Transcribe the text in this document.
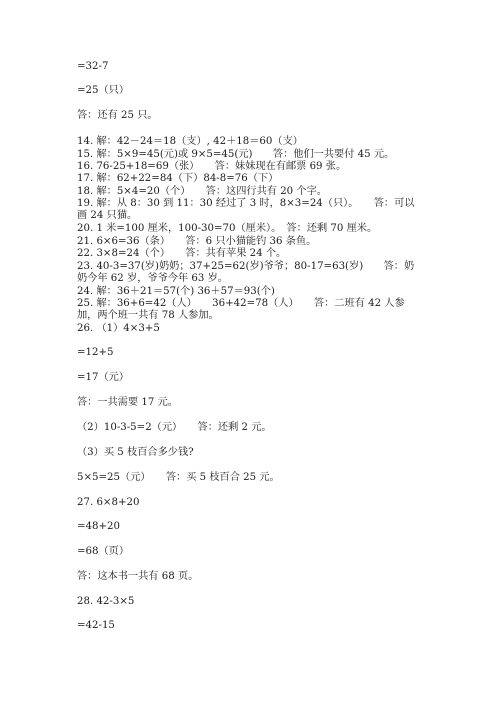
=32-7
=25（只）
答：还有 25 只。
14. 解：42－24＝18（支）, 42＋18＝60（支）
15. 解：5×9=45(元)或 9×5=45(元)　　答：他们一共要付 45 元。
16. 76-25+18=69（张）　　答：妹妹现在有邮票 69 张。
17. 解：62+22=84（下）84-8=76（下）
18. 解：5×4=20（个）　　答：这四行共有 20 个字。
19. 解：从 8：30 到 11：30 经过了 3 时，8×3=24（只）。　　答：可以画 24 只猫。
20. 1 米=100 厘米，100-30=70（厘米）。　答：还剩 70 厘米。
21. 6×6=36（条）　　答：6 只小猫能钓 36 条鱼。
22. 3×8=24（个）　　答：共有苹果 24 个。
23. 40-3=37(岁)奶奶；37+25=62(岁)爷爷；80-17=63(岁)　　答：奶奶今年 62 岁，爷爷今年 63 岁。
24. 解：36＋21＝57(个) 36＋57＝93(个)
25. 解：36+6=42（人）　　36+42=78（人）　　答：二班有 42 人参加，两个班一共有 78 人参加。
26. （1）4×3+5
=12+5
=17（元）
答：一共需要 17 元。
（2）10-3-5=2（元）　　答：还剩 2 元。
（3）买 5 枝百合多少钱?
5×5=25（元）　　答：买 5 枝百合 25 元。
27. 6×8+20
=48+20
=68（页）
答：这本书一共有 68 页。
28. 42-3×5
=42-15
